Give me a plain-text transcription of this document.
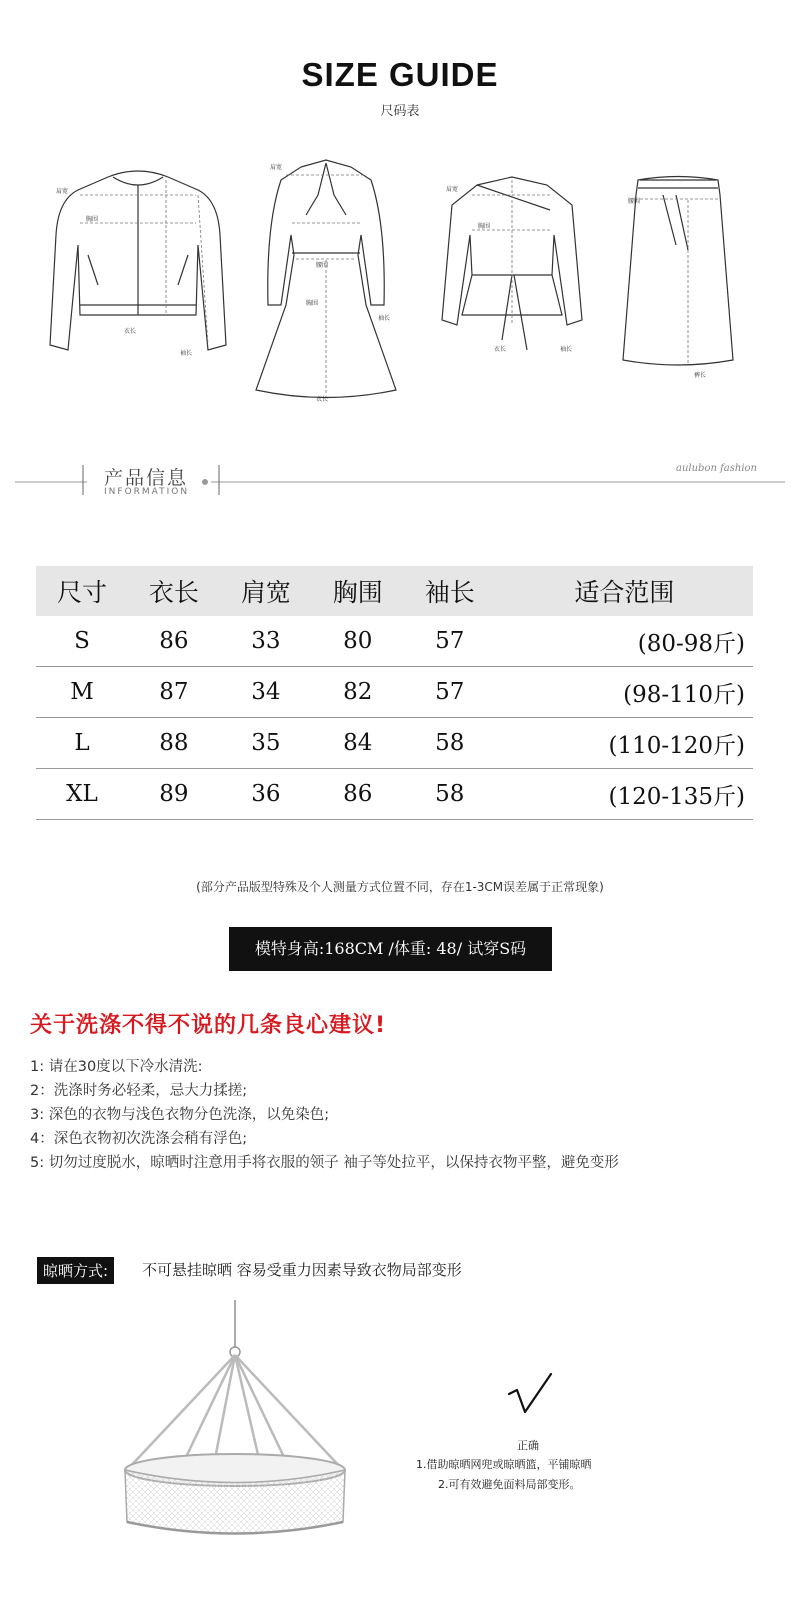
SIZE GUIDE
尺码表
肩宽
胸围
衣长
袖长
肩宽
腰围
胸围
衣长
袖长
肩宽
胸围
衣长	袖长
腰围
裤长
产品信息
INFORMATION
aulubon fashion
尺寸	衣长	肩宽	胸围	袖长	适合范围
S	86	33	80	57	(80-98斤)
M	87	34	82	57	(98-110斤)
L	88	35	84	58	(110-120斤)
XL	89	36	86	58	(120-135斤)
(部分产品版型特殊及个人测量方式位置不同，存在1-3CM误差属于正常现象)
模特身高:168CM /体重: 48/ 试穿S码
关于洗涤不得不说的几条良心建议!
1: 请在30度以下冷水清洗:
2：洗涤时务必轻柔，忌大力揉搓;
3: 深色的衣物与浅色衣物分色洗涤，以免染色;
4：深色衣物初次洗涤会稍有浮色;
5: 切勿过度脱水，晾晒时注意用手将衣服的领子 袖子等处拉平，以保持衣物平整，避免变形
晾晒方式:	不可悬挂晾晒 容易受重力因素导致衣物局部变形
正确
1.借助晾晒网兜或晾晒篮，平铺晾晒
2.可有效避免面料局部变形。
